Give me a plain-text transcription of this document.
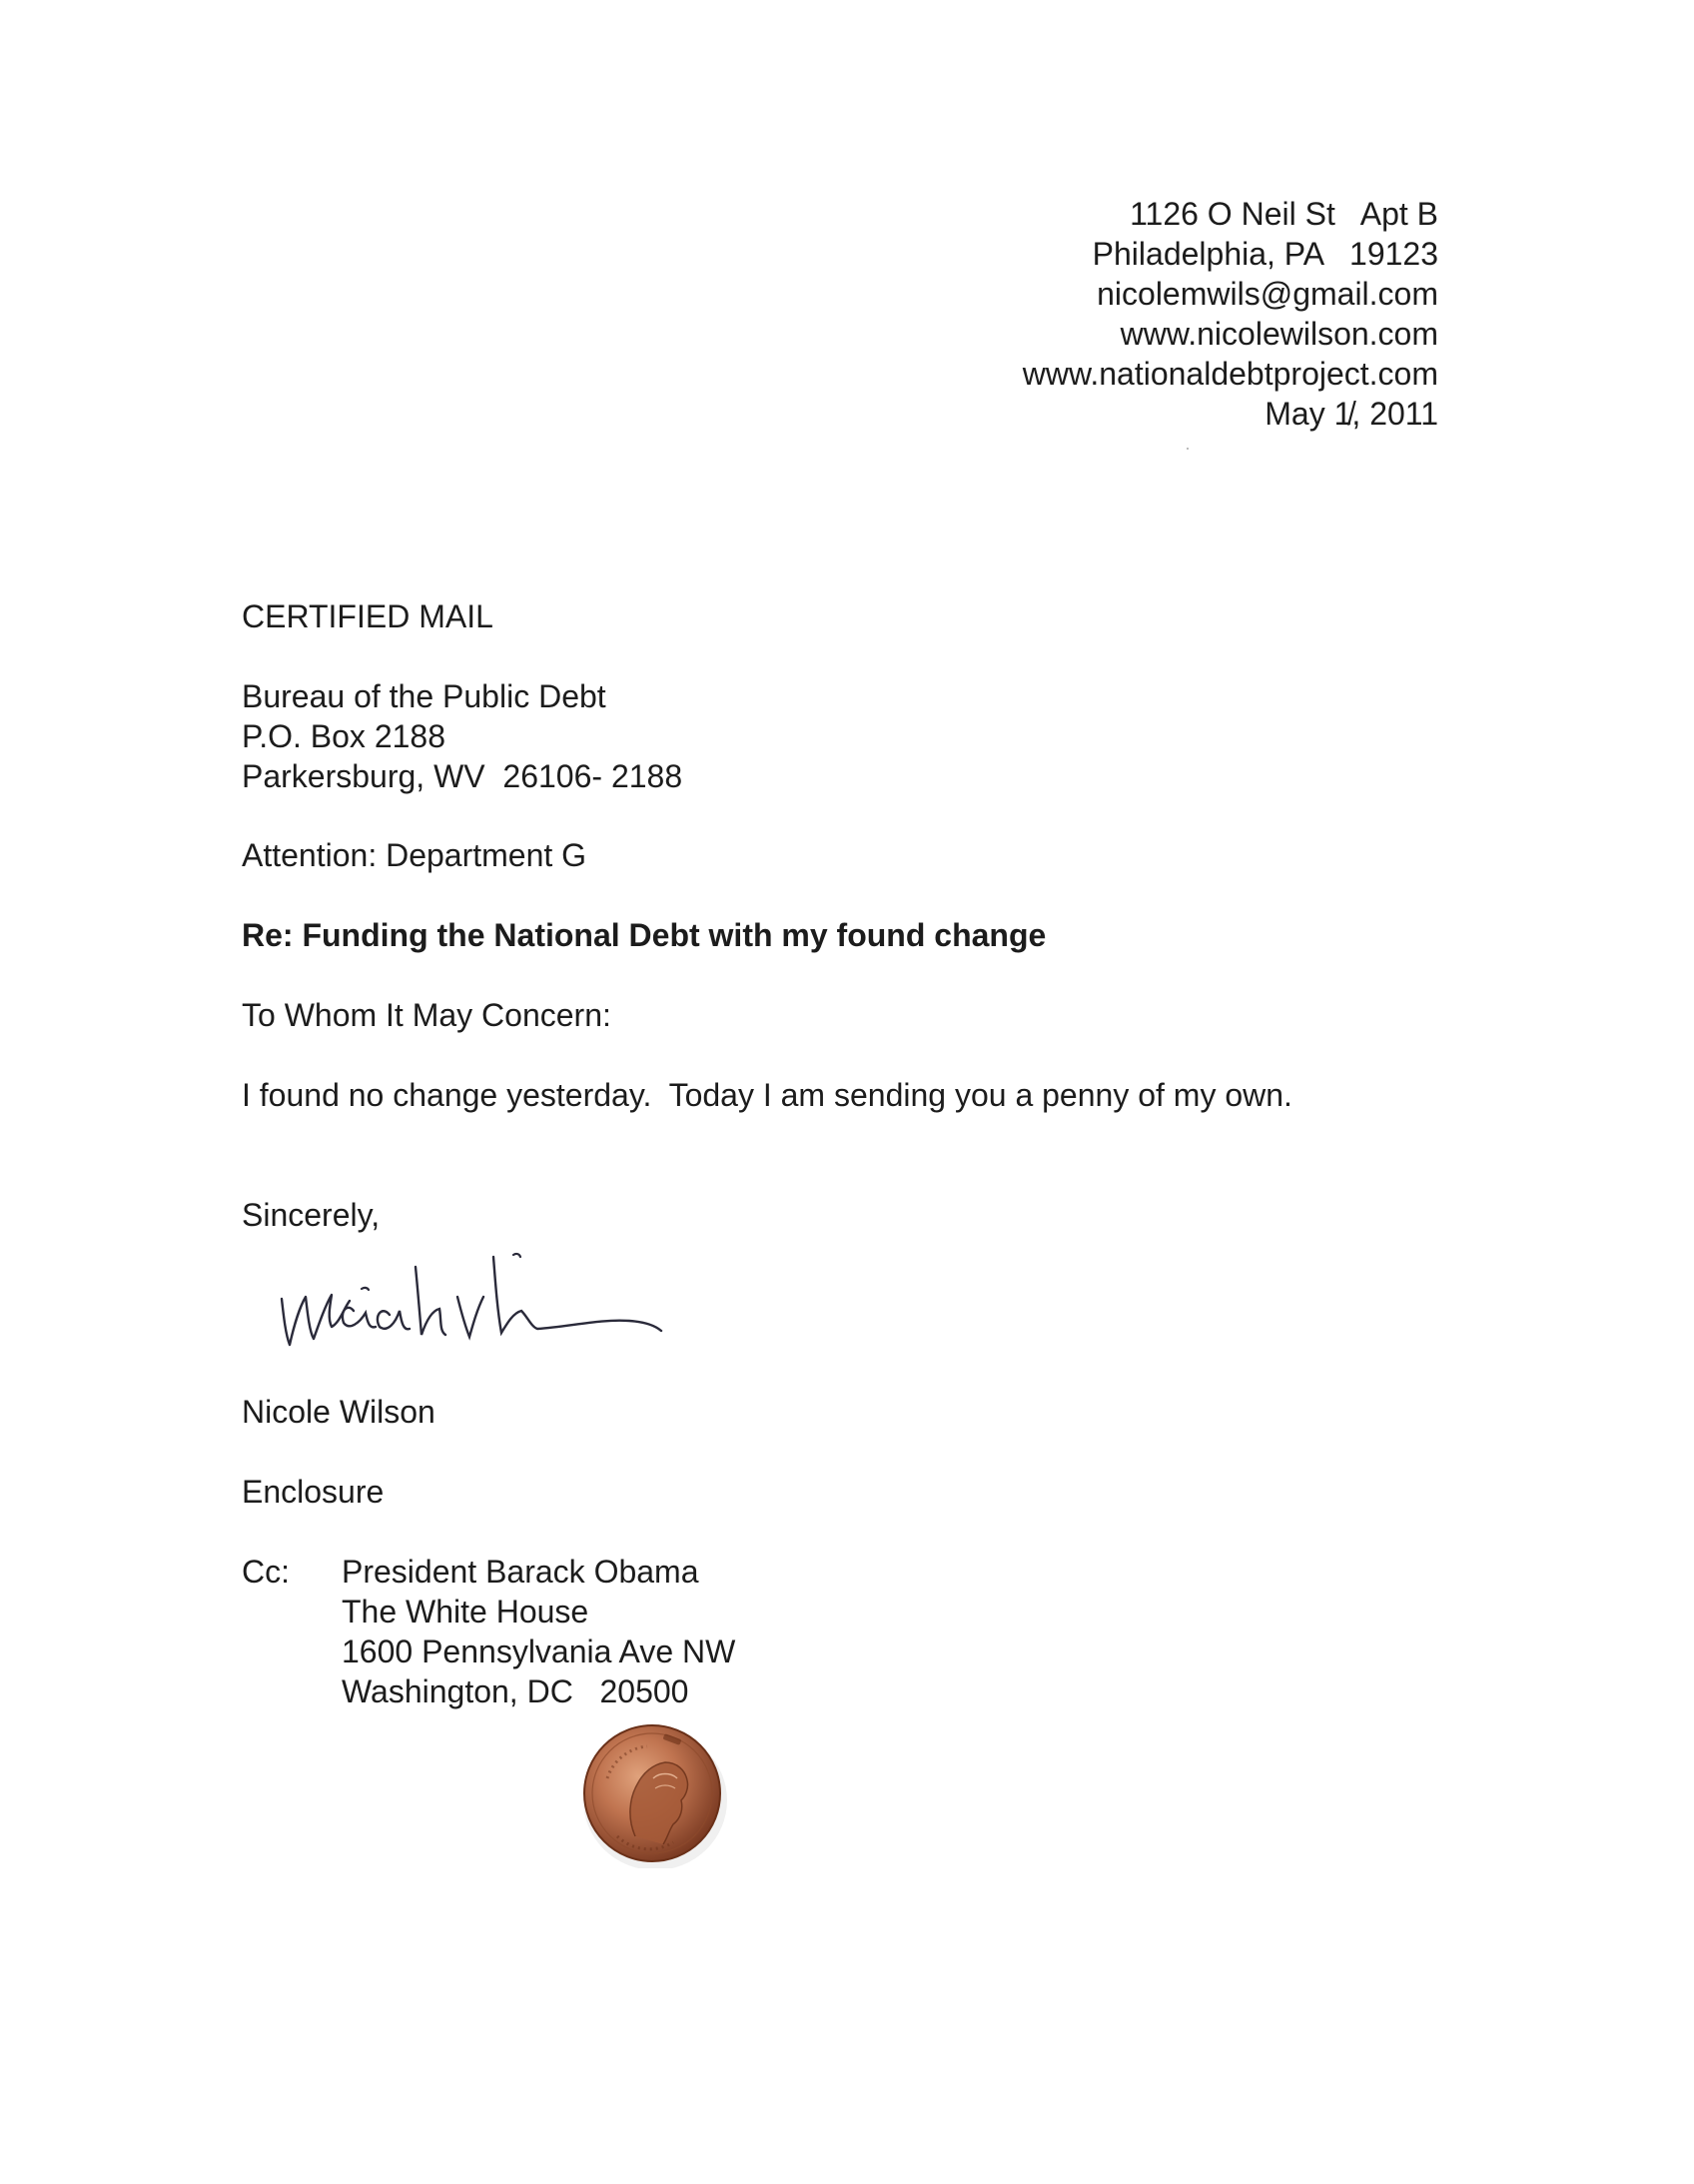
1126 O Neil St   Apt B
Philadelphia, PA   19123
nicolemwils@gmail.com
www.nicolewilson.com
www.nationaldebtproject.com
May 1̸, 2011
CERTIFIED MAIL
Bureau of the Public Debt
P.O. Box 2188
Parkersburg, WV  26106- 2188
Attention: Department G
Re: Funding the National Debt with my found change
To Whom It May Concern:
I found no change yesterday.  Today I am sending you a penny of my own.
Sincerely,
Nicole Wilson
Enclosure
Cc: President Barack Obama
The White House
1600 Pennsylvania Ave NW
Washington, DC   20500
